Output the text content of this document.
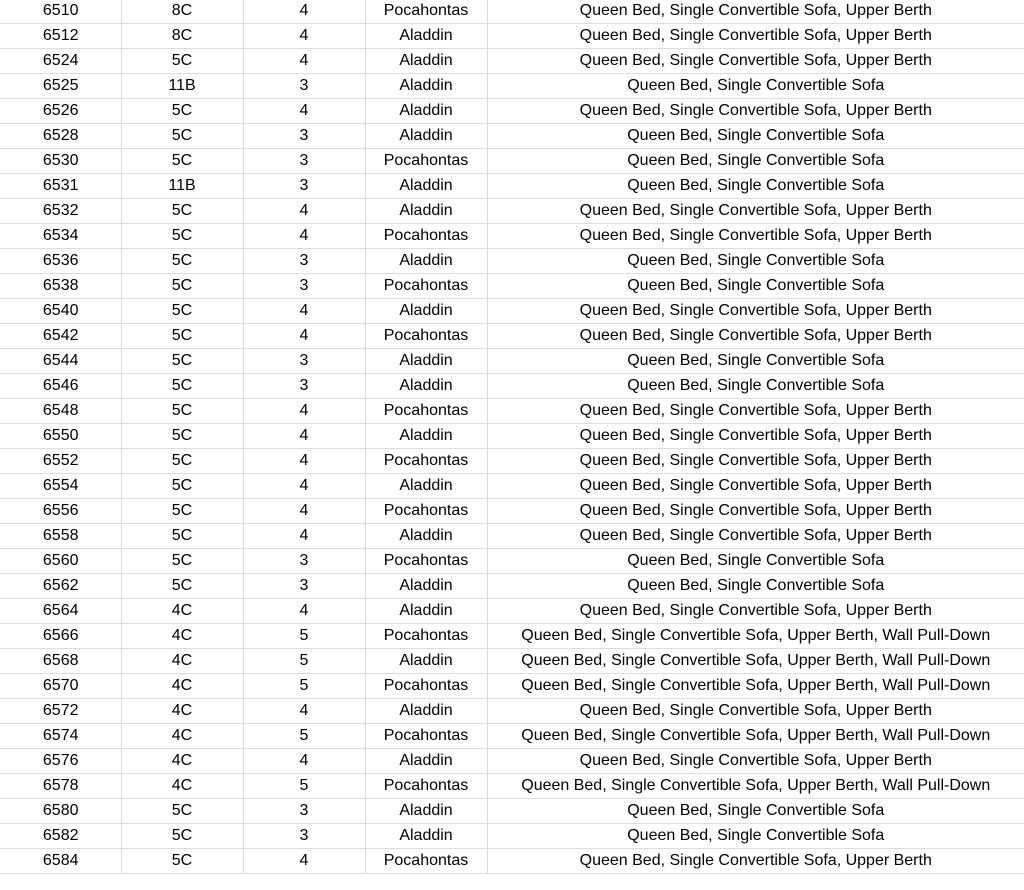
6510	8C	4	Pocahontas	Queen Bed, Single Convertible Sofa, Upper Berth
6512	8C	4	Aladdin	Queen Bed, Single Convertible Sofa, Upper Berth
6524	5C	4	Aladdin	Queen Bed, Single Convertible Sofa, Upper Berth
6525	11B	3	Aladdin	Queen Bed, Single Convertible Sofa
6526	5C	4	Aladdin	Queen Bed, Single Convertible Sofa, Upper Berth
6528	5C	3	Aladdin	Queen Bed, Single Convertible Sofa
6530	5C	3	Pocahontas	Queen Bed, Single Convertible Sofa
6531	11B	3	Aladdin	Queen Bed, Single Convertible Sofa
6532	5C	4	Aladdin	Queen Bed, Single Convertible Sofa, Upper Berth
6534	5C	4	Pocahontas	Queen Bed, Single Convertible Sofa, Upper Berth
6536	5C	3	Aladdin	Queen Bed, Single Convertible Sofa
6538	5C	3	Pocahontas	Queen Bed, Single Convertible Sofa
6540	5C	4	Aladdin	Queen Bed, Single Convertible Sofa, Upper Berth
6542	5C	4	Pocahontas	Queen Bed, Single Convertible Sofa, Upper Berth
6544	5C	3	Aladdin	Queen Bed, Single Convertible Sofa
6546	5C	3	Aladdin	Queen Bed, Single Convertible Sofa
6548	5C	4	Pocahontas	Queen Bed, Single Convertible Sofa, Upper Berth
6550	5C	4	Aladdin	Queen Bed, Single Convertible Sofa, Upper Berth
6552	5C	4	Pocahontas	Queen Bed, Single Convertible Sofa, Upper Berth
6554	5C	4	Aladdin	Queen Bed, Single Convertible Sofa, Upper Berth
6556	5C	4	Pocahontas	Queen Bed, Single Convertible Sofa, Upper Berth
6558	5C	4	Aladdin	Queen Bed, Single Convertible Sofa, Upper Berth
6560	5C	3	Pocahontas	Queen Bed, Single Convertible Sofa
6562	5C	3	Aladdin	Queen Bed, Single Convertible Sofa
6564	4C	4	Aladdin	Queen Bed, Single Convertible Sofa, Upper Berth
6566	4C	5	Pocahontas	Queen Bed, Single Convertible Sofa, Upper Berth, Wall Pull-Down
6568	4C	5	Aladdin	Queen Bed, Single Convertible Sofa, Upper Berth, Wall Pull-Down
6570	4C	5	Pocahontas	Queen Bed, Single Convertible Sofa, Upper Berth, Wall Pull-Down
6572	4C	4	Aladdin	Queen Bed, Single Convertible Sofa, Upper Berth
6574	4C	5	Pocahontas	Queen Bed, Single Convertible Sofa, Upper Berth, Wall Pull-Down
6576	4C	4	Aladdin	Queen Bed, Single Convertible Sofa, Upper Berth
6578	4C	5	Pocahontas	Queen Bed, Single Convertible Sofa, Upper Berth, Wall Pull-Down
6580	5C	3	Aladdin	Queen Bed, Single Convertible Sofa
6582	5C	3	Aladdin	Queen Bed, Single Convertible Sofa
6584	5C	4	Pocahontas	Queen Bed, Single Convertible Sofa, Upper Berth
